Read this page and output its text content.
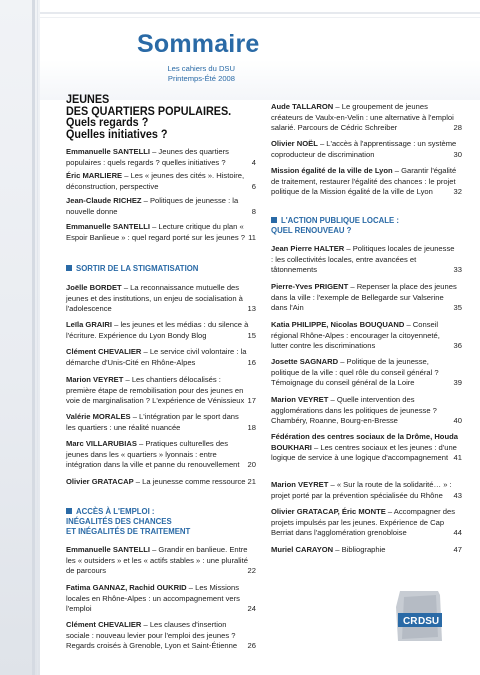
Sommaire
Les cahiers du DSU
Printemps-Été 2008
JEUNES
DES QUARTIERS POPULAIRES.
Quels regards ?
Quelles initiatives ?
Emmanuelle SANTELLI – Jeunes des quartiers populaires : quels regards ? quelles initiatives ?	4
Éric MARLIERE – Les « jeunes des cités ». Histoire, déconstruction, perspective	6
Jean-Claude RICHEZ – Politiques de jeunesse : la nouvelle donne	8
Emmanuelle SANTELLI – Lecture critique du plan « Espoir Banlieue » : quel regard porté sur les jeunes ? 11
SORTIR DE LA STIGMATISATION
Joëlle BORDET – La reconnaissance mutuelle des jeunes et des institutions, un enjeu de socialisation à l'adolescence	13
Leïla GRAIRI – les jeunes et les médias : du silence à l'écriture. Expérience du Lyon Bondy Blog	15
Clément CHEVALIER – Le service civil volontaire : la démarche d'Unis-Cité en Rhône-Alpes	16
Marion VEYRET – Les chantiers délocalisés : première étape de remobilisation pour des jeunes en voie de marginalisation ? L'expérience de Vénissieux 17
Valérie MORALES – L'intégration par le sport dans les quartiers : une réalité nuancée	18
Marc VILLARUBIAS – Pratiques culturelles des jeunes dans les « quartiers » lyonnais : entre intégration dans la ville et panne du renouvellement	20
Olivier GRATACAP – La jeunesse comme ressource 21
ACCÈS À L'EMPLOI :
INÉGALITÉS DES CHANCES
ET INÉGALITÉS DE TRAITEMENT
Emmanuelle SANTELLI – Grandir en banlieue. Entre les « outsiders » et les « actifs stables » : une pluralité de parcours	22
Fatima GANNAZ, Rachid OUKRID – Les Missions locales en Rhône-Alpes : un accompagnement vers l'emploi	24
Clément CHEVALIER – Les clauses d'insertion sociale : nouveau levier pour l'emploi des jeunes ? Regards croisés à Grenoble, Lyon et Saint-Étienne	26
Aude TALLARON – Le groupement de jeunes créateurs de Vaulx-en-Velin : une alternative à l'emploi salarié. Parcours de Cédric Schreiber	28
Olivier NOËL – L'accès à l'apprentissage : un système coproducteur de discrimination	30
Mission égalité de la ville de Lyon – Garantir l'égalité de traitement, restaurer l'égalité des chances : le projet politique de la Mission égalité de la ville de Lyon	32
L'ACTION PUBLIQUE LOCALE :
QUEL RENOUVEAU ?
Jean Pierre HALTER – Politiques locales de jeunesse : les collectivités locales, entre avancées et tâtonnements	33
Pierre-Yves PRIGENT – Repenser la place des jeunes dans la ville : l'exemple de Bellegarde sur Valserine dans l'Ain	35
Katia PHILIPPE, Nicolas BOUQUAND – Conseil régional Rhône-Alpes : encourager la citoyenneté, lutter contre les discriminations	36
Josette SAGNARD – Politique de la jeunesse, politique de la ville : quel rôle du conseil général ? Témoignage du conseil général de la Loire	39
Marion VEYRET – Quelle intervention des agglomérations dans les politiques de jeunesse ? Chambéry, Roanne, Bourg-en-Bresse	40
Fédération des centres sociaux de la Drôme, Houda BOUKHARI – Les centres sociaux et les jeunes : d'une logique de service à une logique d'accompagnement 41
Marion VEYRET – « Sur la route de la solidarité… » : projet porté par la prévention spécialisée du Rhône	43
Olivier GRATACAP, Éric MONTE – Accompagner des projets impulsés par les jeunes. Expérience de Cap Berriat dans l'agglomération grenobloise	44
Muriel CARAYON – Bibliographie	47
CR DSU
